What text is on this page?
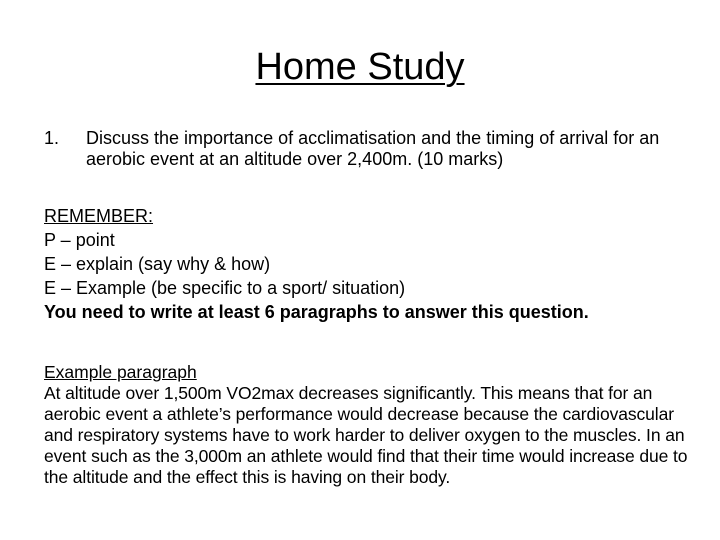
Home Study
1.	Discuss the importance of acclimatisation and the timing of arrival for an aerobic event at an altitude over 2,400m. (10 marks)
REMEMBER:
P – point
E – explain (say why & how)
E – Example (be specific to a sport/ situation)
You need to write at least 6 paragraphs to answer this question.
Example paragraph
At altitude over 1,500m VO2max decreases significantly. This means that for an aerobic event a athlete’s performance would decrease because the cardiovascular and respiratory systems have to work harder to deliver oxygen to the muscles. In an event such as the 3,000m an athlete would find that their time would increase due to the altitude and the effect this is having on their body.
